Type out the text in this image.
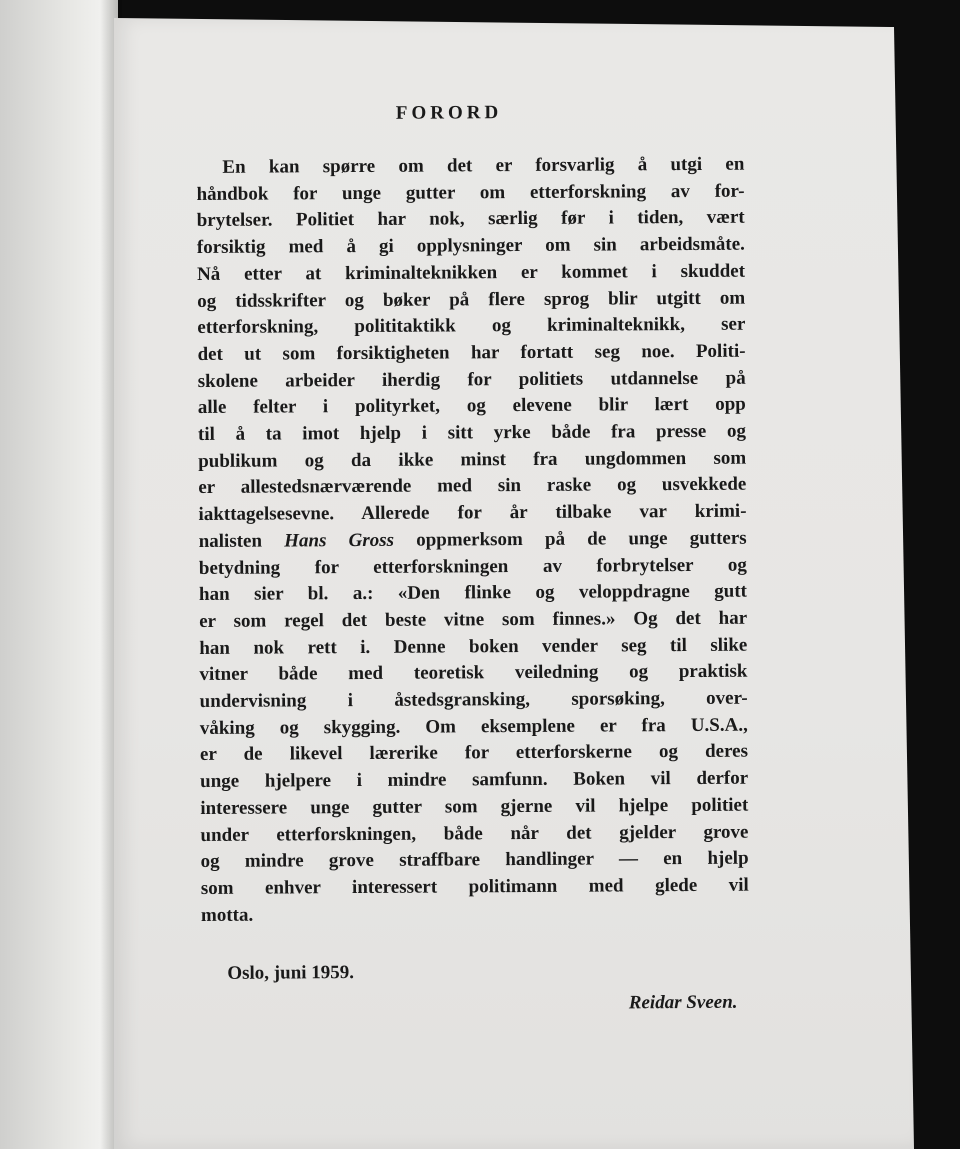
FORORD
En kan spørre om det er forsvarlig å utgi en
håndbok for unge gutter om etterforskning av for-
brytelser. Politiet har nok, særlig før i tiden, vært
forsiktig med å gi opplysninger om sin arbeidsmåte.
Nå etter at kriminalteknikken er kommet i skuddet
og tidsskrifter og bøker på flere sprog blir utgitt om
etterforskning, polititaktikk og kriminalteknikk, ser
det ut som forsiktigheten har fortatt seg noe. Politi-
skolene arbeider iherdig for politiets utdannelse på
alle felter i polityrket, og elevene blir lært opp
til å ta imot hjelp i sitt yrke både fra presse og
publikum og da ikke minst fra ungdommen som
er allestedsnærværende med sin raske og usvekkede
iakttagelsesevne. Allerede for år tilbake var krimi-
nalisten Hans Gross oppmerksom på de unge gutters
betydning for etterforskningen av forbrytelser og
han sier bl. a.: «Den flinke og veloppdragne gutt
er som regel det beste vitne som finnes.» Og det har
han nok rett i. Denne boken vender seg til slike
vitner både med teoretisk veiledning og praktisk
undervisning i åstedsgransking, sporsøking, over-
våking og skygging. Om eksemplene er fra U.S.A.,
er de likevel lærerike for etterforskerne og deres
unge hjelpere i mindre samfunn. Boken vil derfor
interessere unge gutter som gjerne vil hjelpe politiet
under etterforskningen, både når det gjelder grove
og mindre grove straffbare handlinger — en hjelp
som enhver interessert politimann med glede vil
motta.
Oslo, juni 1959.
Reidar Sveen.
